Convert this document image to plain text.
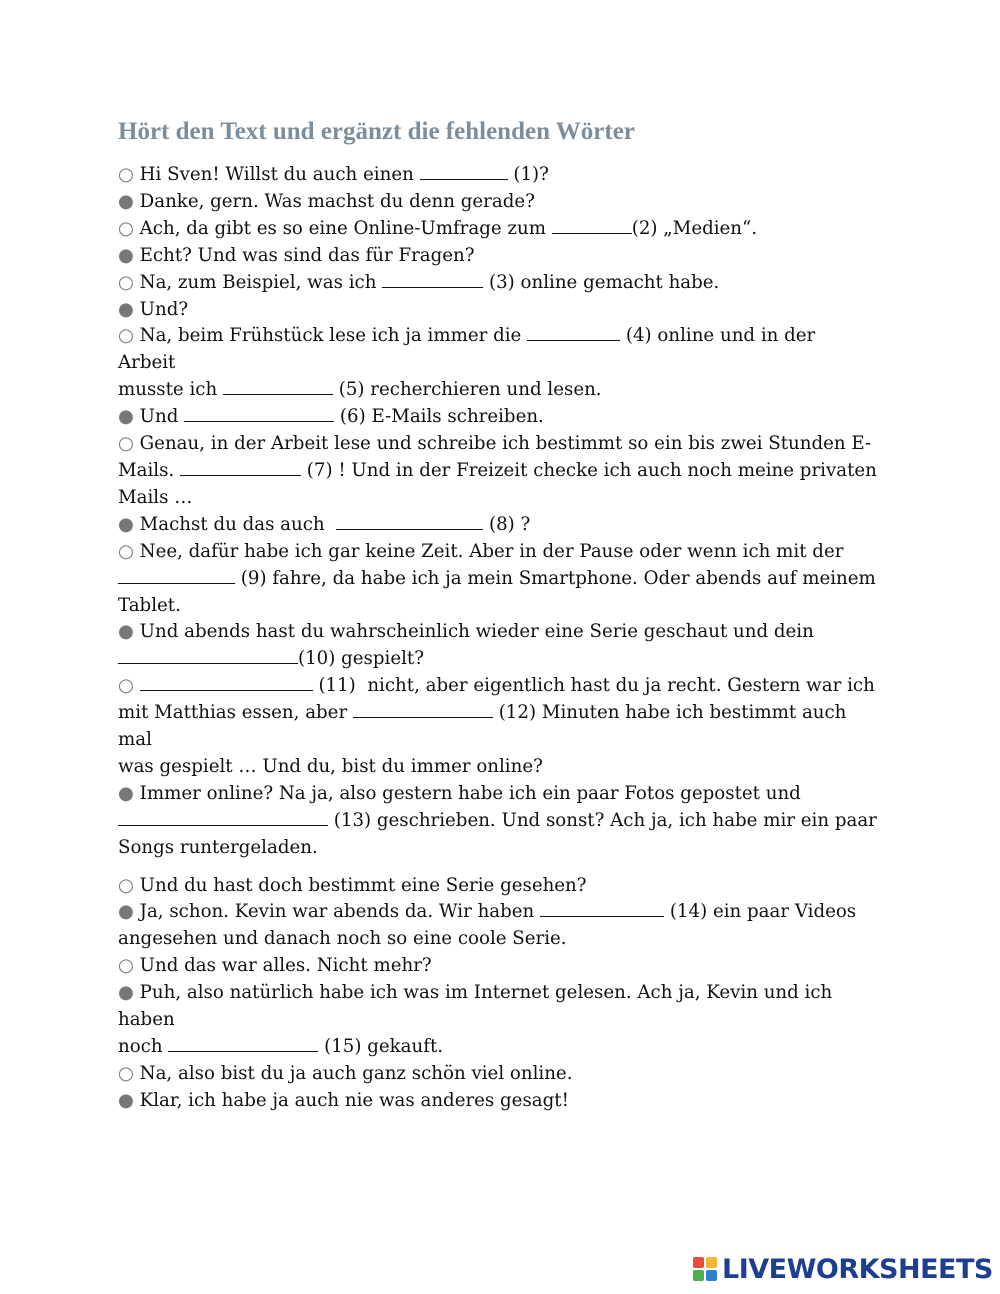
Hört den Text und ergänzt die fehlenden Wörter
○ Hi Sven! Willst du auch einen	(1)?
● Danke, gern. Was machst du denn gerade?
○ Ach, da gibt es so eine Online-Umfrage zum	(2) „Medien“.
● Echt? Und was sind das für Fragen?
○ Na, zum Beispiel, was ich	(3) online gemacht habe.
● Und?
○ Na, beim Frühstück lese ich ja immer die	(4) online und in der Arbeit
musste ich	(5) recherchieren und lesen.
● Und	(6) E-Mails schreiben.
○ Genau, in der Arbeit lese und schreibe ich bestimmt so ein bis zwei Stunden E-
Mails.	(7) ! Und in der Freizeit checke ich auch noch meine privaten
Mails …
● Machst du das auch	(8) ?
○ Nee, dafür habe ich gar keine Zeit. Aber in der Pause oder wenn ich mit der
(9) fahre, da habe ich ja mein Smartphone. Oder abends auf meinem
Tablet.
● Und abends hast du wahrscheinlich wieder eine Serie geschaut und dein
(10) gespielt?
○	(11)  nicht, aber eigentlich hast du ja recht. Gestern war ich
mit Matthias essen, aber	(12) Minuten habe ich bestimmt auch mal
was gespielt … Und du, bist du immer online?
● Immer online? Na ja, also gestern habe ich ein paar Fotos gepostet und
(13) geschrieben. Und sonst? Ach ja, ich habe mir ein paar
Songs runtergeladen.
○ Und du hast doch bestimmt eine Serie gesehen?
● Ja, schon. Kevin war abends da. Wir haben	(14) ein paar Videos
angesehen und danach noch so eine coole Serie.
○ Und das war alles. Nicht mehr?
● Puh, also natürlich habe ich was im Internet gelesen. Ach ja, Kevin und ich haben
noch	(15) gekauft.
○ Na, also bist du ja auch ganz schön viel online.
● Klar, ich habe ja auch nie was anderes gesagt!
LIVEWORKSHEETS
